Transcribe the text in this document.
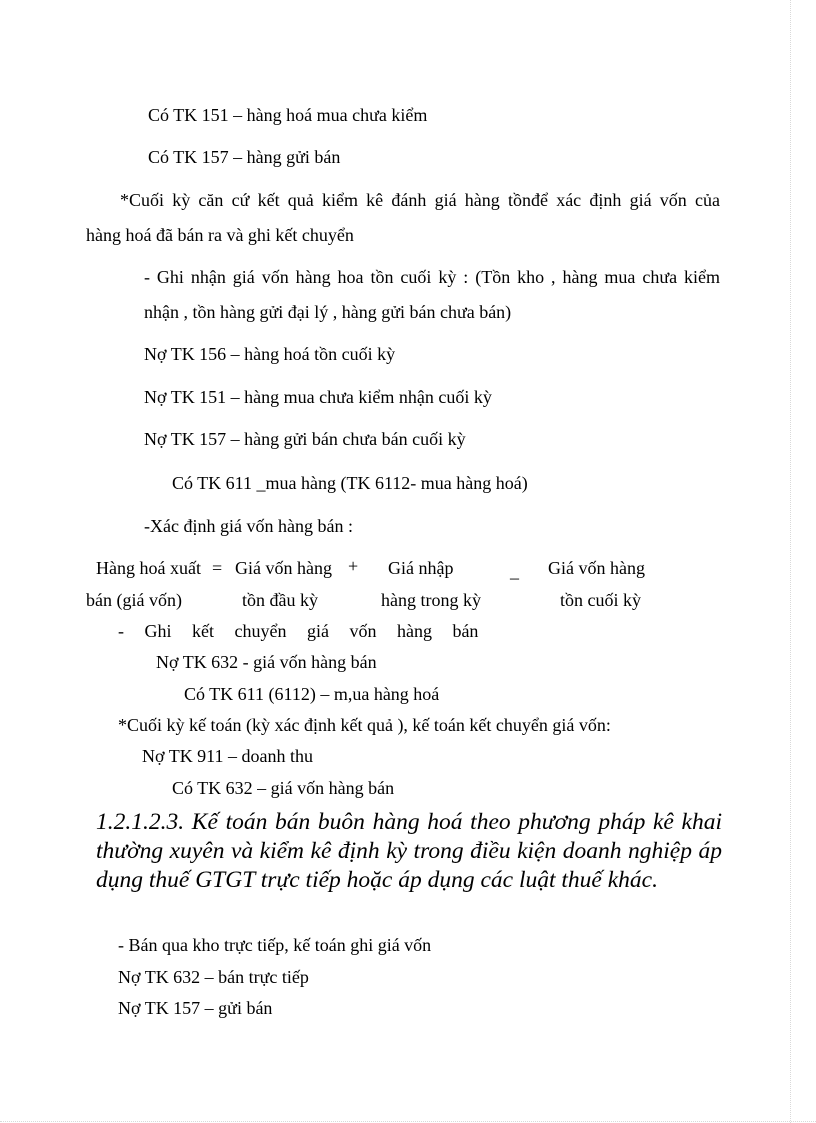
Có TK 151 – hàng hoá mua chưa kiểm
Có TK 157 – hàng gửi bán
*Cuối kỳ căn cứ kết quả kiểm kê đánh giá hàng tồnđể xác định giá vốn của
hàng hoá đã bán ra và ghi kết chuyển
- Ghi nhận giá vốn hàng hoa tồn cuối kỳ : (Tồn kho , hàng mua chưa kiểm
nhận , tồn hàng gửi đại lý , hàng gửi bán chưa bán)
Nợ TK 156 – hàng hoá tồn cuối kỳ
Nợ TK 151 – hàng mua chưa kiểm nhận cuối kỳ
Nợ TK 157 – hàng gửi bán chưa bán cuối kỳ
Có TK 611 _mua hàng (TK 6112- mua hàng hoá)
-Xác định giá vốn hàng bán :
Hàng hoá xuất = Giá vốn hàng + Giá nhập	_ Giá vốn hàng
bán (giá vốn)	tồn đầu kỳ	hàng trong kỳ	tồn cuối kỳ
- Ghi kết chuyển giá vốn hàng bán
Nợ TK 632 - giá vốn hàng bán
Có TK 611 (6112) – m,ua hàng hoá
*Cuối kỳ kế toán (kỳ xác định kết quả ), kế toán kết chuyển giá vốn:
Nợ TK 911 – doanh thu
Có TK 632 – giá vốn hàng bán
1.2.1.2.3. Kế toán bán buôn hàng hoá theo phương pháp kê khai thường xuyên và kiểm kê định kỳ trong điều kiện doanh nghiệp áp dụng thuế GTGT trực tiếp hoặc áp dụng các luật thuế khác.
- Bán qua kho trực tiếp, kế toán ghi giá vốn
Nợ TK 632 – bán trực tiếp
Nợ TK 157 – gửi bán
